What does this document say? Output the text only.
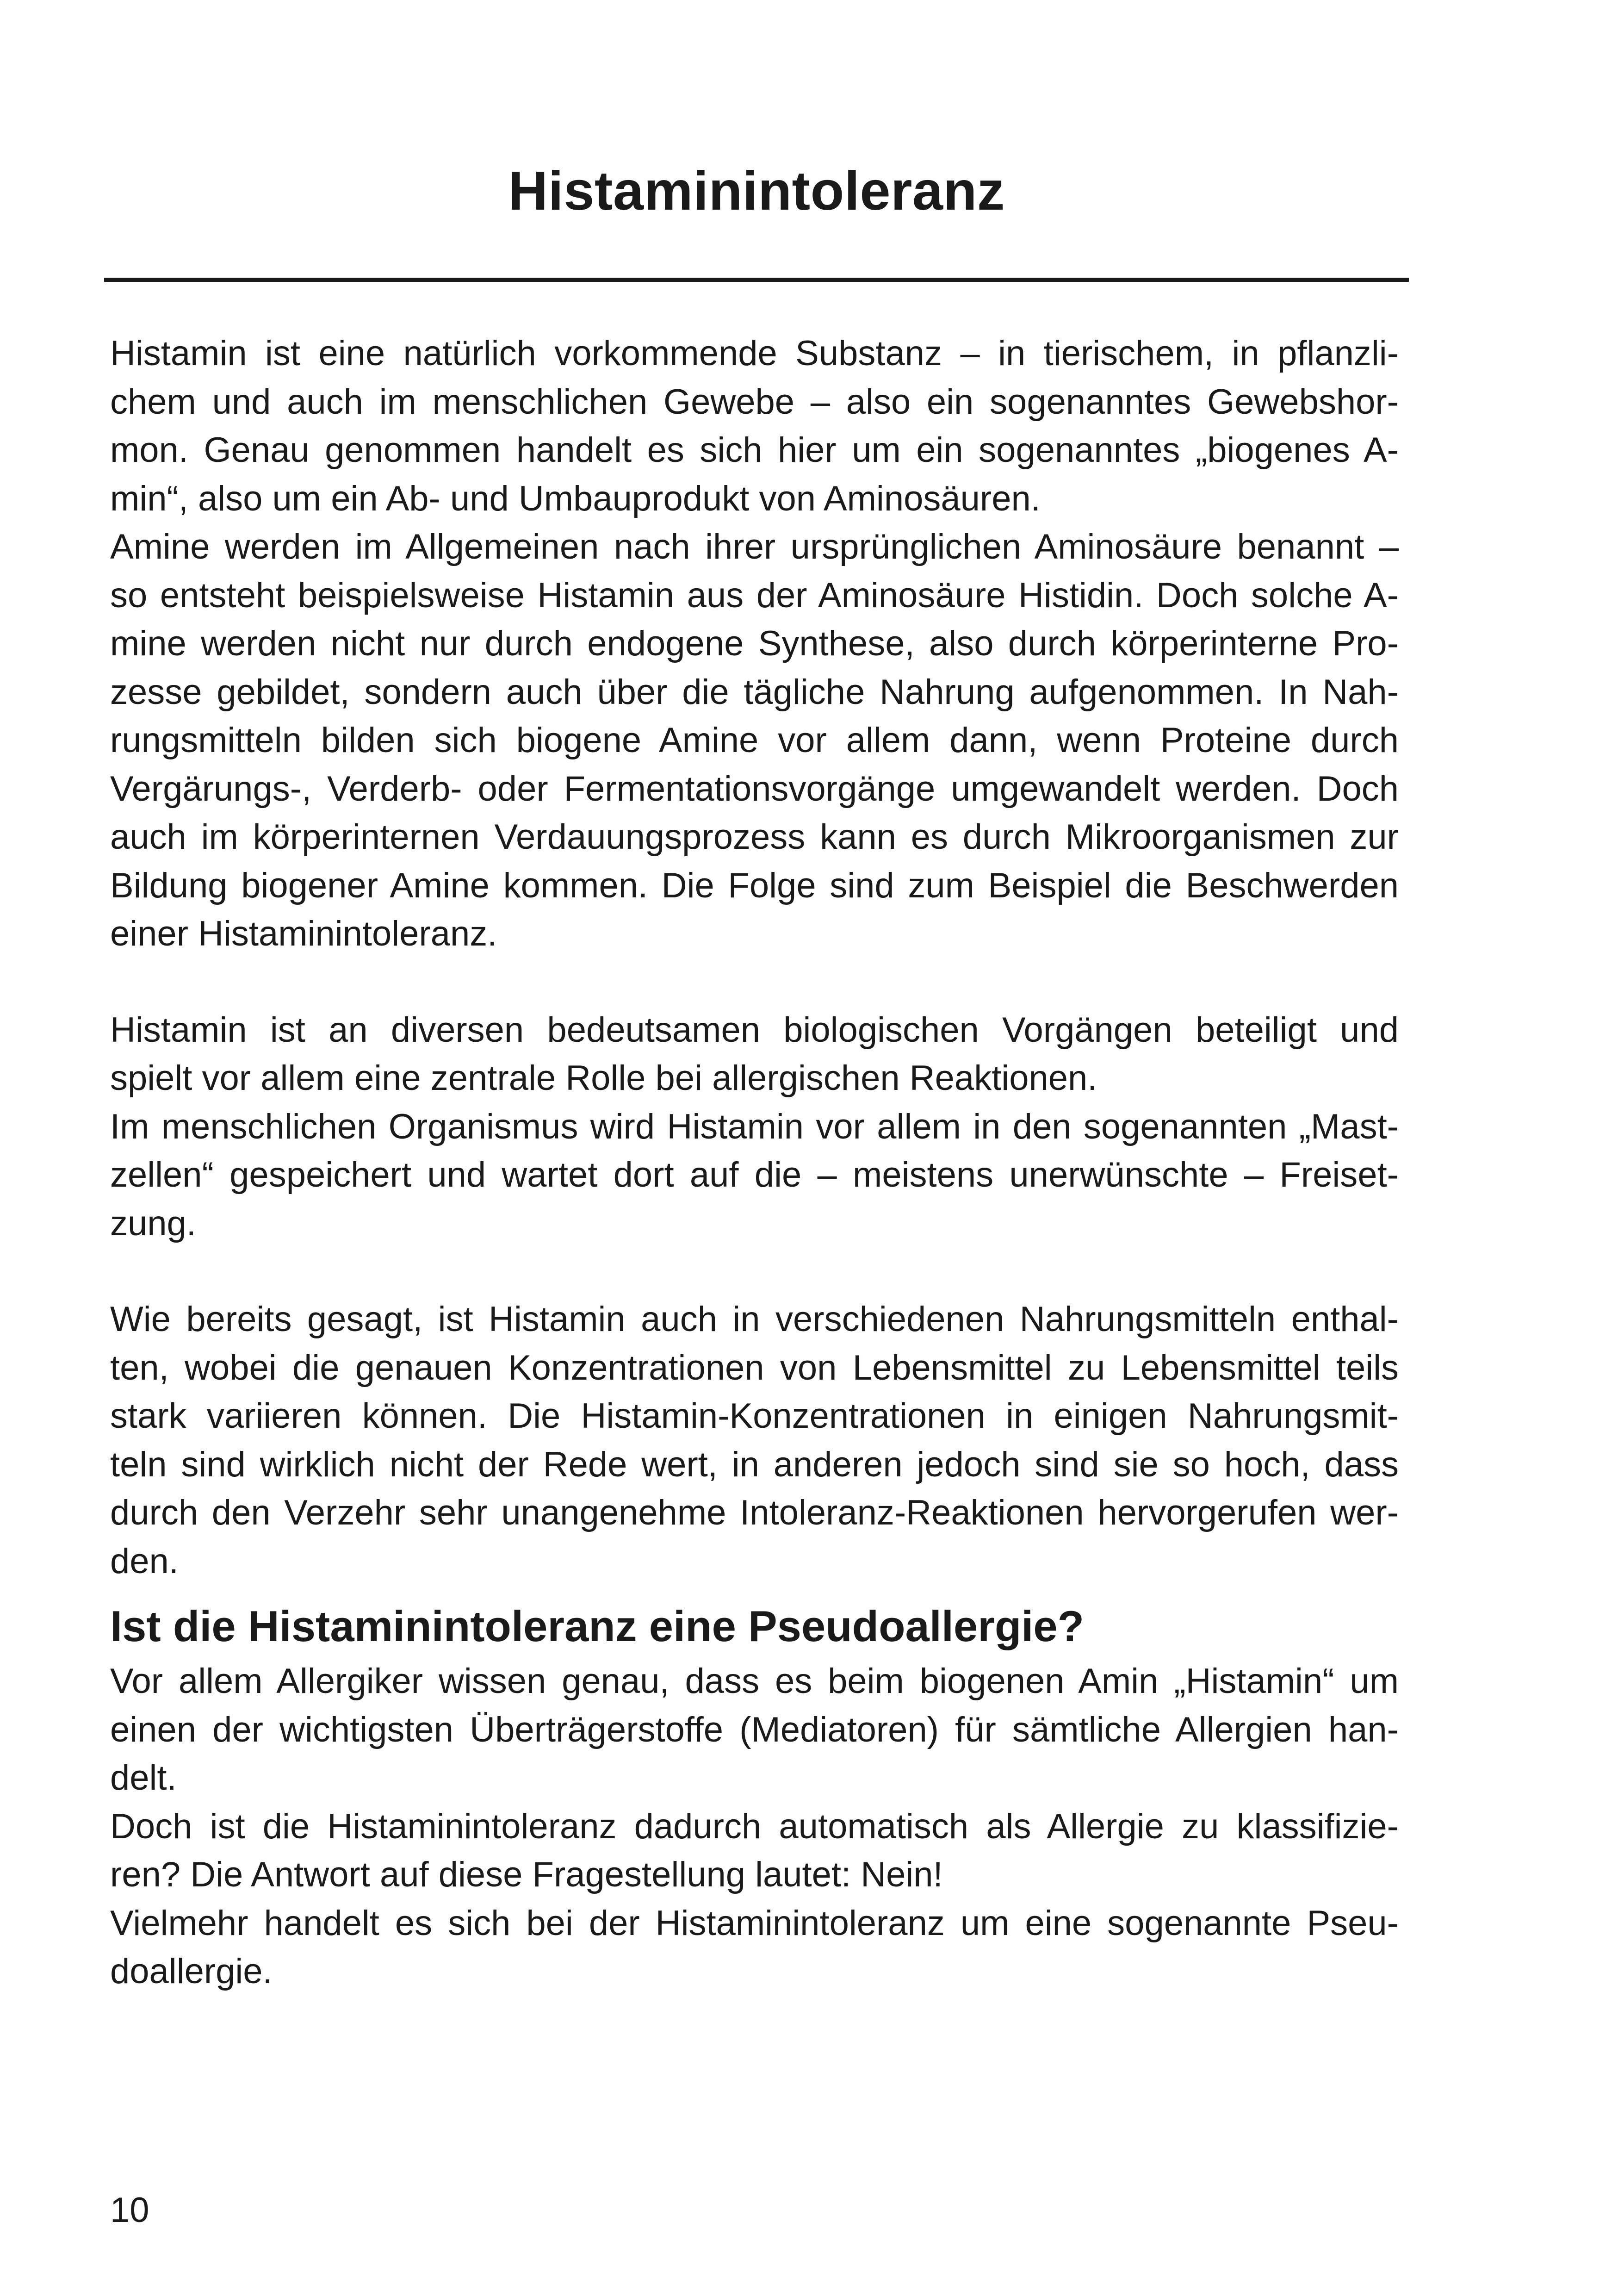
Histaminintoleranz
Histamin ist eine natürlich vorkommende Substanz – in tierischem, in pflanzli-
chem und auch im menschlichen Gewebe – also ein sogenanntes Gewebshor-
mon. Genau genommen handelt es sich hier um ein sogenanntes „biogenes A-
min“, also um ein Ab- und Umbauprodukt von Aminosäuren.
Amine werden im Allgemeinen nach ihrer ursprünglichen Aminosäure benannt –
so entsteht beispielsweise Histamin aus der Aminosäure Histidin. Doch solche A-
mine werden nicht nur durch endogene Synthese, also durch körperinterne Pro-
zesse gebildet, sondern auch über die tägliche Nahrung aufgenommen. In Nah-
rungsmitteln bilden sich biogene Amine vor allem dann, wenn Proteine durch
Vergärungs-, Verderb- oder Fermentationsvorgänge umgewandelt werden. Doch
auch im körperinternen Verdauungsprozess kann es durch Mikroorganismen zur
Bildung biogener Amine kommen. Die Folge sind zum Beispiel die Beschwerden
einer Histaminintoleranz.
Histamin ist an diversen bedeutsamen biologischen Vorgängen beteiligt und
spielt vor allem eine zentrale Rolle bei allergischen Reaktionen.
Im menschlichen Organismus wird Histamin vor allem in den sogenannten „Mast-
zellen“ gespeichert und wartet dort auf die – meistens unerwünschte – Freiset-
zung.
Wie bereits gesagt, ist Histamin auch in verschiedenen Nahrungsmitteln enthal-
ten, wobei die genauen Konzentrationen von Lebensmittel zu Lebensmittel teils
stark variieren können. Die Histamin-Konzentrationen in einigen Nahrungsmit-
teln sind wirklich nicht der Rede wert, in anderen jedoch sind sie so hoch, dass
durch den Verzehr sehr unangenehme Intoleranz-Reaktionen hervorgerufen wer-
den.
Ist die Histaminintoleranz eine Pseudoallergie?
Vor allem Allergiker wissen genau, dass es beim biogenen Amin „Histamin“ um
einen der wichtigsten Überträgerstoffe (Mediatoren) für sämtliche Allergien han-
delt.
Doch ist die Histaminintoleranz dadurch automatisch als Allergie zu klassifizie-
ren? Die Antwort auf diese Fragestellung lautet: Nein!
Vielmehr handelt es sich bei der Histaminintoleranz um eine sogenannte Pseu-
doallergie.
10
